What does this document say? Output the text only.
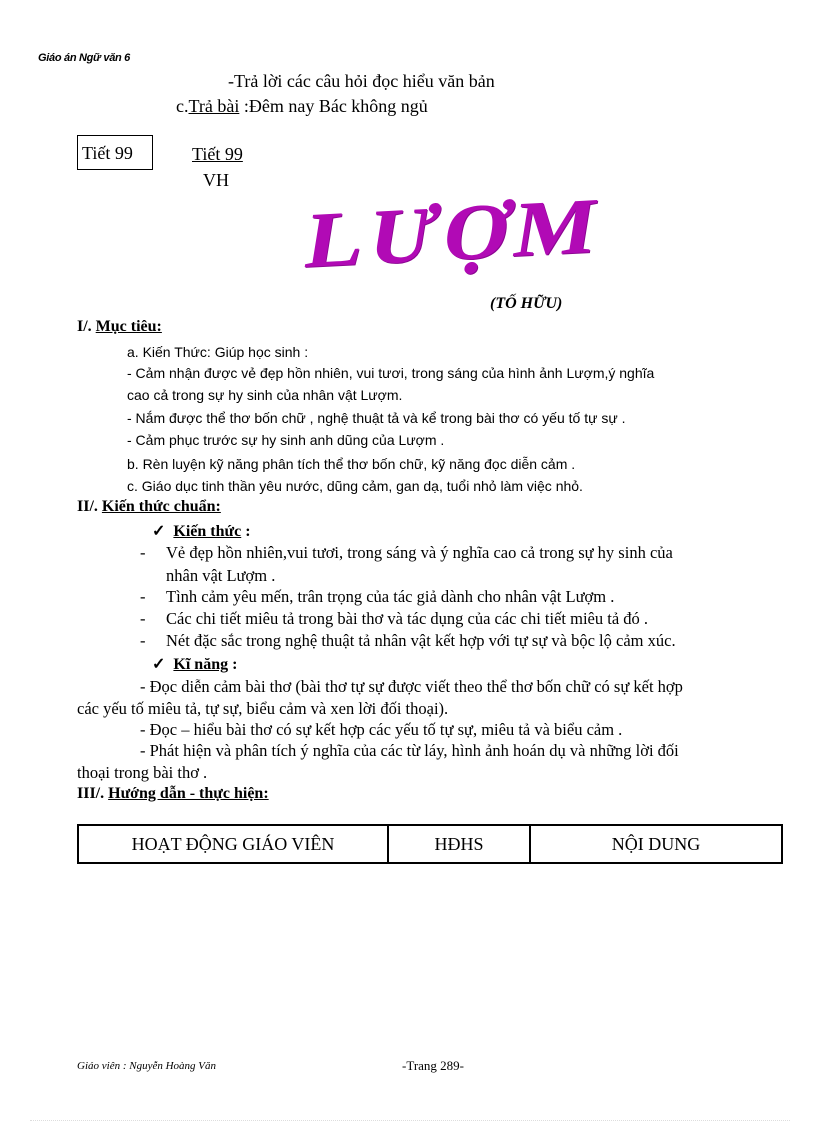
Giáo án Ngữ văn 6
-Trả lời các câu hỏi đọc hiểu văn bản
c.Trả bài :Đêm nay Bác không ngủ
Tiết 99	Tiết 99
VH
LƯỢM
(TỐ HỮU)
I/. Mục tiêu:
a. Kiến Thức: Giúp học sinh :
- Cảm nhận được vẻ đẹp hồn nhiên, vui tươi, trong sáng của hình ảnh Lượm,ý nghĩa
cao cả trong sự hy sinh của nhân vật Lượm.
- Nắm được thể thơ bốn chữ , nghệ thuật tả và kể trong bài thơ có yếu tố tự sự .
- Cảm phục trước sự hy sinh anh dũng của Lượm .
b. Rèn luyện kỹ năng phân tích thể thơ bốn chữ, kỹ năng đọc diễn cảm .
c. Giáo dục tinh thần yêu nước, dũng cảm, gan dạ, tuổi nhỏ làm việc nhỏ.
II/. Kiến thức chuẩn:
✓ Kiến thức :
- Vẻ đẹp hồn nhiên,vui tươi, trong sáng và ý nghĩa cao cả trong sự hy sinh của
nhân vật Lượm .
- Tình cảm yêu mến, trân trọng của tác giả dành cho nhân vật Lượm .
- Các chi tiết miêu tả trong bài thơ và tác dụng của các chi tiết miêu tả đó .
- Nét đặc sắc trong nghệ thuật tả nhân vật kết hợp với tự sự và bộc lộ cảm xúc.
✓ Kĩ năng :
- Đọc diễn cảm bài thơ (bài thơ tự sự được viết theo thể thơ bốn chữ có sự kết hợp
các yếu tố miêu tả, tự sự, biểu cảm và xen lời đối thoại).
- Đọc – hiểu bài thơ có sự kết hợp các yếu tố tự sự, miêu tả và biểu cảm .
- Phát hiện và phân tích ý nghĩa của các từ láy, hình ảnh hoán dụ và những lời đối
thoại trong bài thơ .
III/. Hướng dẫn - thực hiện:
HOẠT ĐỘNG GIÁO VIÊN	HĐHS	NỘI DUNG
Giáo viên : Nguyễn Hoàng Văn	-Trang 289-
